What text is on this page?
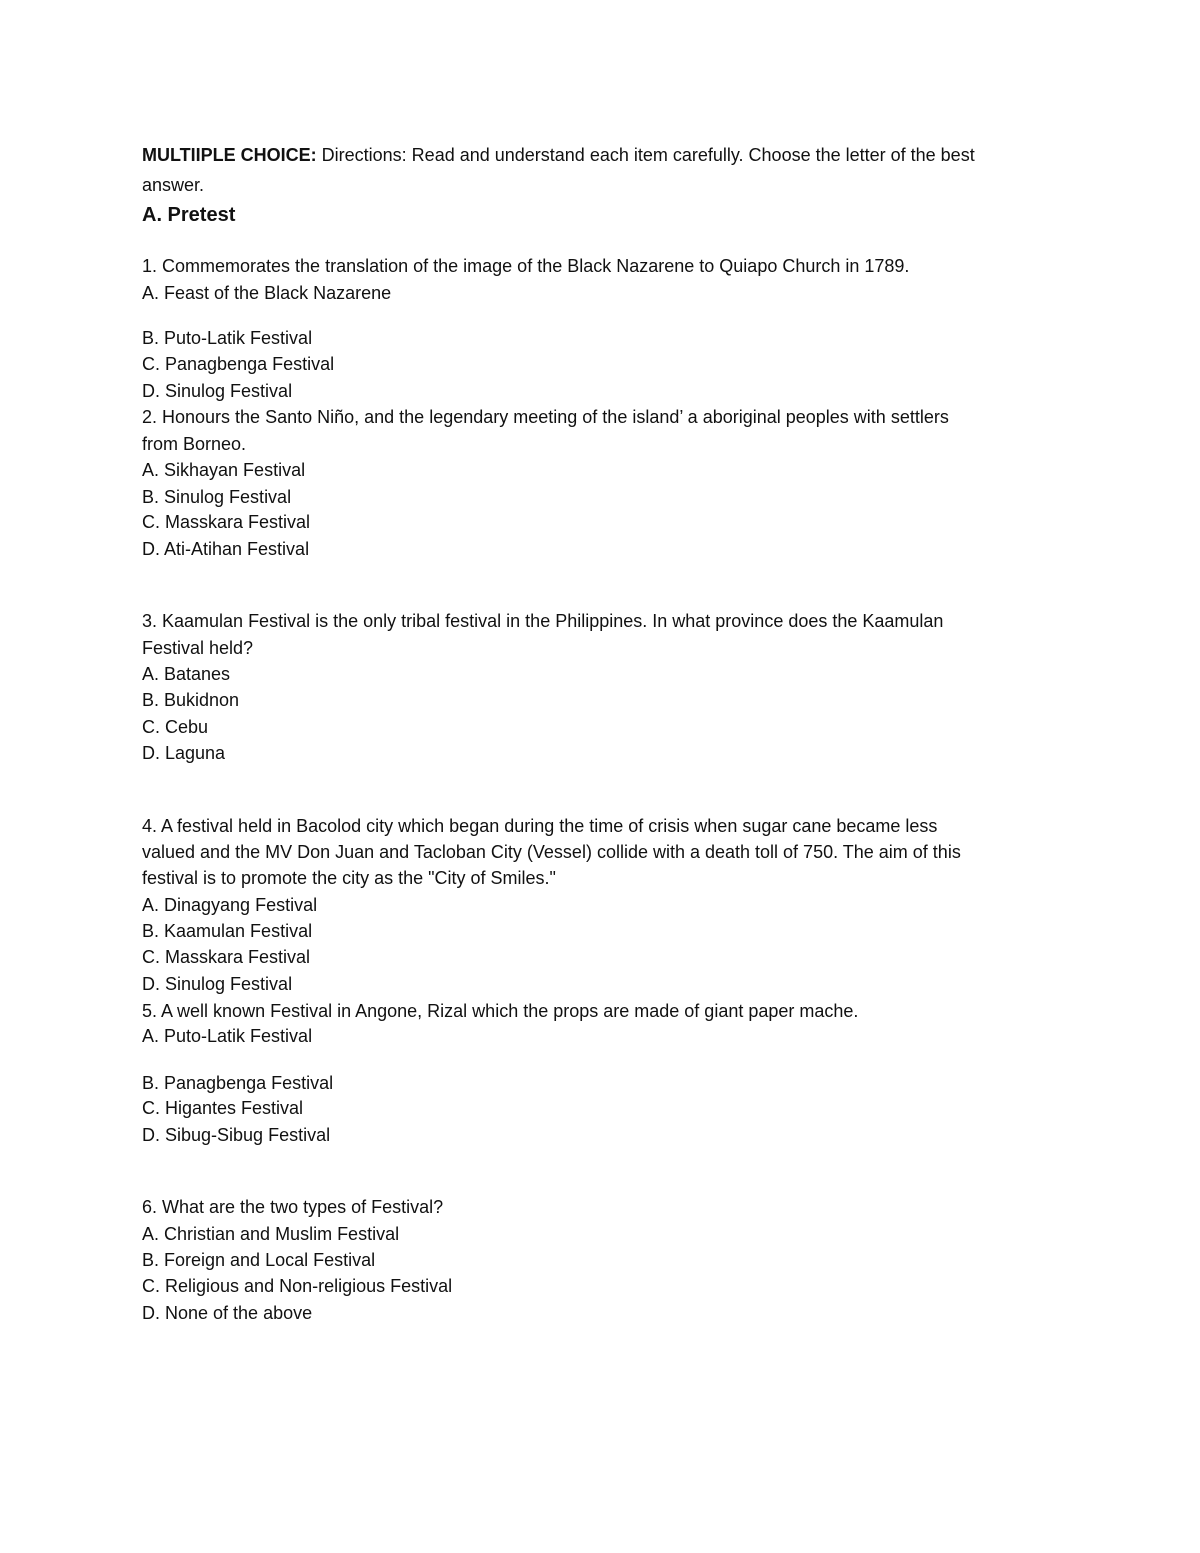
MULTIIPLE CHOICE: Directions: Read and understand each item carefully. Choose the letter of the best
answer.
A. Pretest
1. Commemorates the translation of the image of the Black Nazarene to Quiapo Church in 1789.
A. Feast of the Black Nazarene
B. Puto-Latik Festival
C. Panagbenga Festival
D. Sinulog Festival
2. Honours the Santo Niño, and the legendary meeting of the island’ a aboriginal peoples with settlers
from Borneo.
A. Sikhayan Festival
B. Sinulog Festival
C. Masskara Festival
D. Ati-Atihan Festival
3. Kaamulan Festival is the only tribal festival in the Philippines. In what province does the Kaamulan
Festival held?
A. Batanes
B. Bukidnon
C. Cebu
D. Laguna
4. A festival held in Bacolod city which began during the time of crisis when sugar cane became less
valued and the MV Don Juan and Tacloban City (Vessel) collide with a death toll of 750. The aim of this
festival is to promote the city as the "City of Smiles."
A. Dinagyang Festival
B. Kaamulan Festival
C. Masskara Festival
D. Sinulog Festival
5. A well known Festival in Angone, Rizal which the props are made of giant paper mache.
A. Puto-Latik Festival
B. Panagbenga Festival
C. Higantes Festival
D. Sibug-Sibug Festival
6. What are the two types of Festival?
A. Christian and Muslim Festival
B. Foreign and Local Festival
C. Religious and Non-religious Festival
D. None of the above
